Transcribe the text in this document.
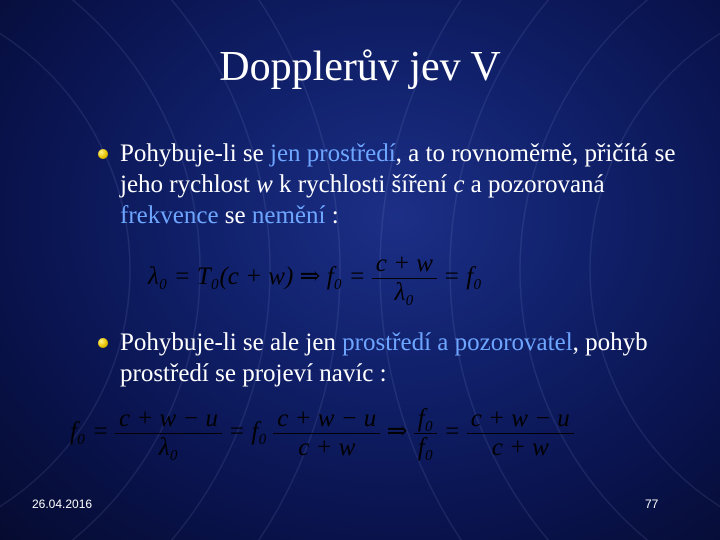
Dopplerův jev V
Pohybuje-li se jen prostředí, a to rovnoměrně, přičítá se jeho rychlost w k rychlosti šíření c a pozorovaná frekvence se nemění :
λ₀ = T₀(c + w) ⇒ $f_0 = \frac{c + w}{\text{λ₀}} = f_0$
Pohybuje-li se ale jen prostředí a pozorovatel, pohyb prostředí se projeví navíc :
$f_0 = \frac{c + w - u}{\text{λ₀}} = f_0 \frac{c + w - u}{c + w}$ ⇒ $\frac{\text{f₀}}{\text{f₀}} = \frac{c + w - u}{c + w}$
26.04.2016	77
